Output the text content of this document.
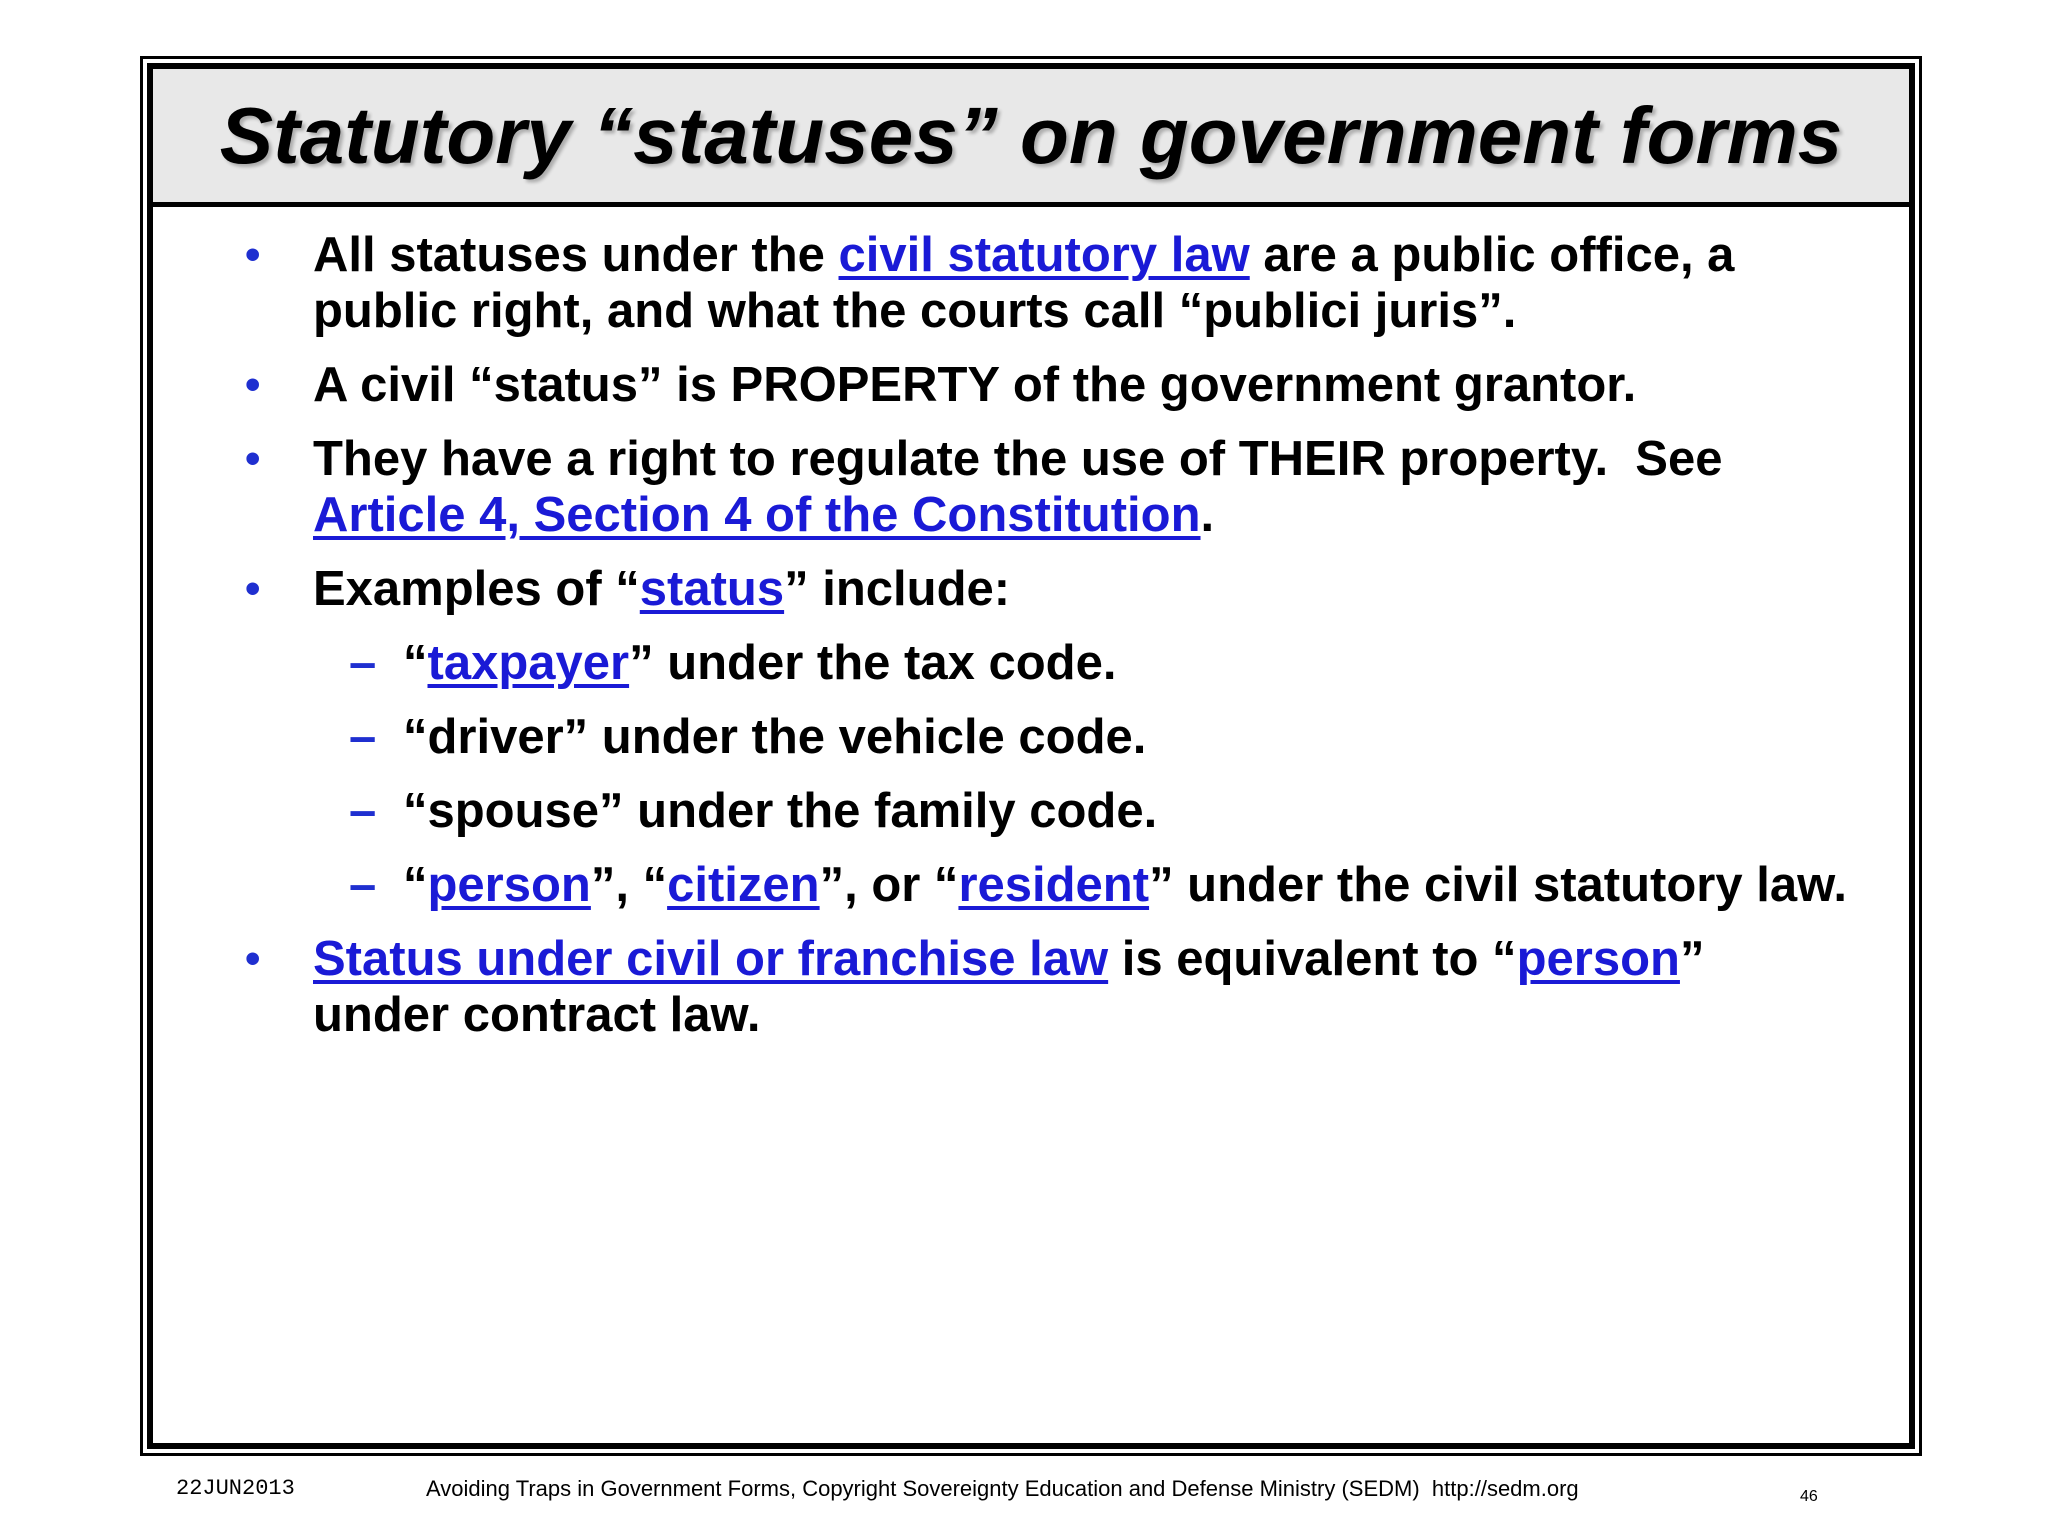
Statutory “statuses” on government forms
• All statuses under the civil statutory law are a public office, a public right, and what the courts call “publici juris”.
• A civil “status” is PROPERTY of the government grantor.
• They have a right to regulate the use of THEIR property.  See Article 4, Section 4 of the Constitution.
• Examples of “status” include:
– “taxpayer” under the tax code.
– “driver” under the vehicle code.
– “spouse” under the family code.
– “person”, “citizen”, or “resident” under the civil statutory law.
• Status under civil or franchise law is equivalent to “person” under contract law.
22JUN2013	Avoiding Traps in Government Forms, Copyright Sovereignty Education and Defense Ministry (SEDM)  http://sedm.org	46
